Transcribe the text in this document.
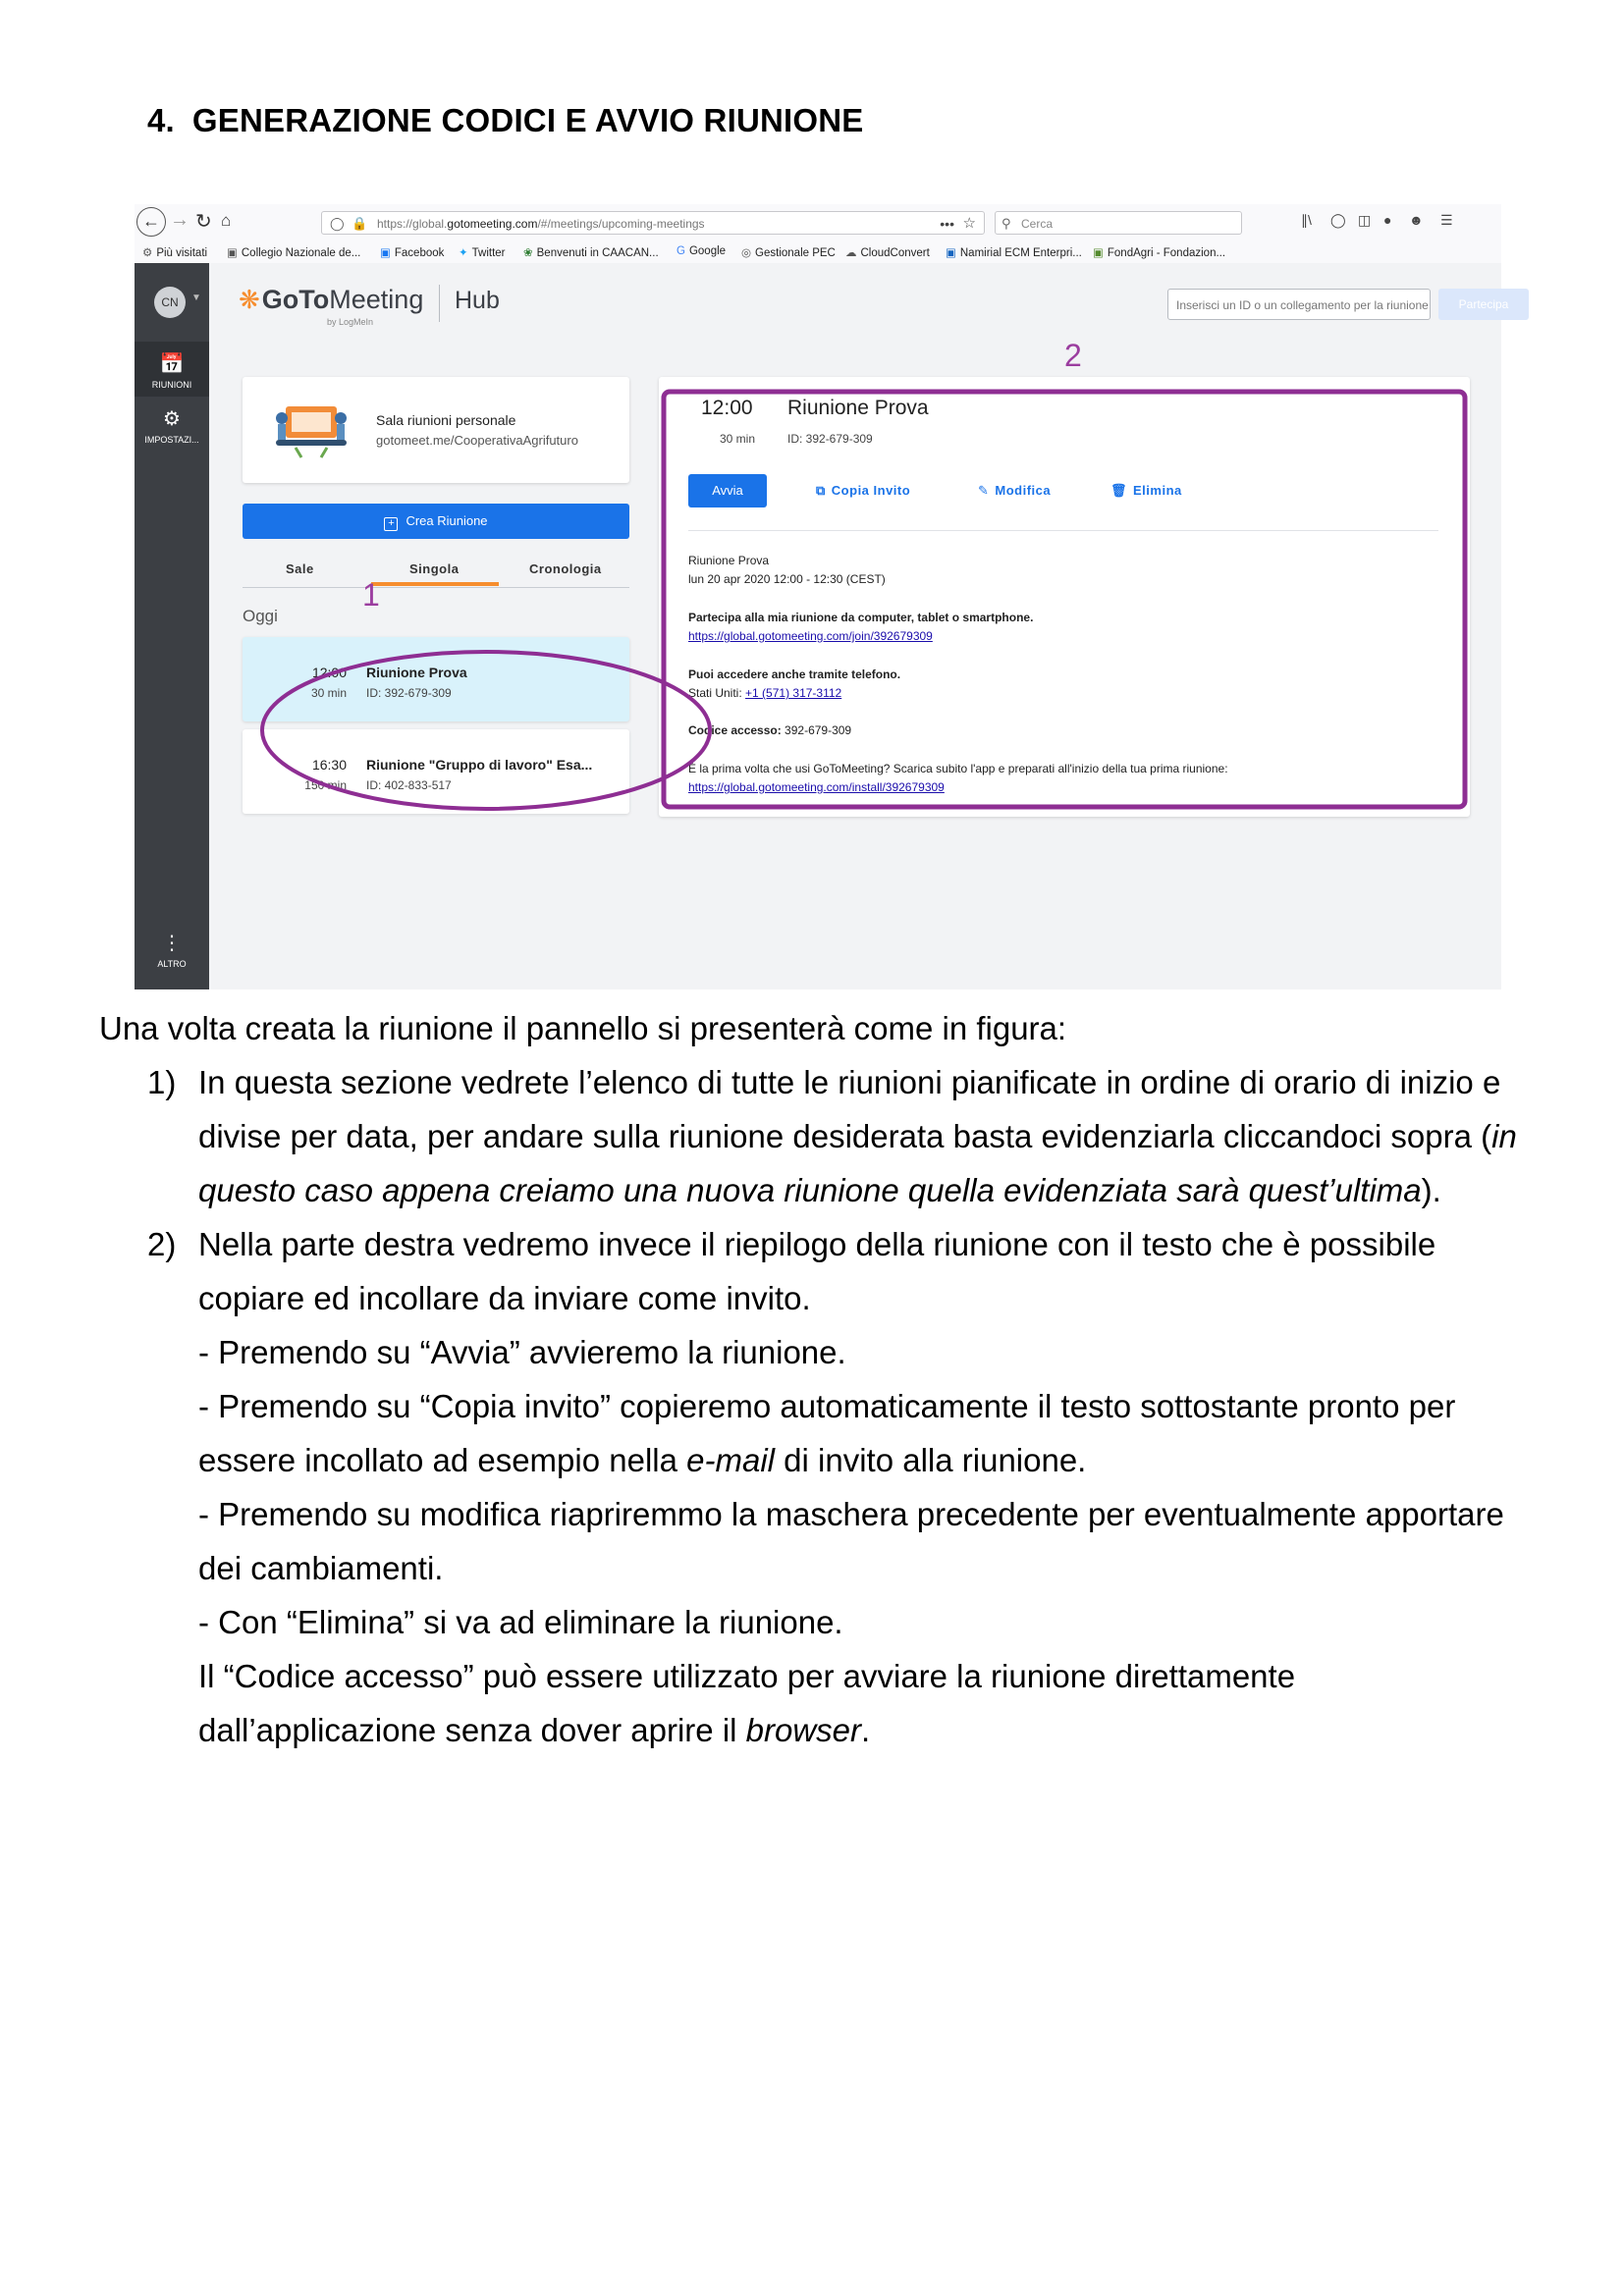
4. GENERAZIONE CODICI E AVVIO RIUNIONE
← → ↻ ⌂	◯ 🔒 https://global.gotomeeting.com/#/meetings/upcoming-meetings	••• ☆ ⚲ Cerca	∥\ ◯ ◫ ● ☻ ☰
⚙ Più visitati ▣ Collegio Nazionale de... ▣ Facebook ✦ Twitter ❀ Benvenuti in CAACAN... G Google ◎ Gestionale PEC ☁ CloudConvert ▣ Namirial ECM Enterpri... ▣ FondAgri - Fondazion...
CN	▼
📅
RIUNIONI
⚙
IMPOSTAZI...
⋮
ALTRO
❋GoToMeeting
by LogMeIn
Hub	Inserisci un ID o un collegamento per la riunione	Partecipa
Sala riunioni personale
gotomeet.me/CooperativaAgrifuturo
+ Crea Riunione
Sale	Singola	Cronologia
Oggi
12:00
30 min
Riunione Prova
ID: 392-679-309
16:30
150 min
Riunione "Gruppo di lavoro" Esa...
ID: 402-833-517
12:00
30 min
Riunione Prova
ID: 392-679-309
Avvia	⧉ Copia Invito	✎ Modifica	🗑 Elimina
Riunione Prova
lun 20 apr 2020 12:00 - 12:30 (CEST)
Partecipa alla mia riunione da computer, tablet o smartphone.
https://global.gotomeeting.com/join/392679309
Puoi accedere anche tramite telefono.
Stati Uniti: +1 (571) 317-3112
Codice accesso: 392-679-309
È la prima volta che usi GoToMeeting? Scarica subito l'app e preparati all'inizio della tua prima riunione:
https://global.gotomeeting.com/install/392679309
1
2
Una volta creata la riunione il pannello si presenterà come in figura:
1) In questa sezione vedrete l’elenco di tutte le riunioni pianificate in ordine di orario di inizio e divise per data, per andare sulla riunione desiderata basta evidenziarla cliccandoci sopra (in questo caso appena creiamo una nuova riunione quella evidenziata sarà quest’ultima).

2) Nella parte destra vedremo invece il riepilogo della riunione con il testo che è possibile copiare ed incollare da inviare come invito.

- Premendo su “Avvia” avvieremo la riunione.

- Premendo su “Copia invito” copieremo automaticamente il testo sottostante pronto per essere incollato ad esempio nella e-mail di invito alla riunione.

- Premendo su modifica riapriremmo la maschera precedente per eventualmente apportare dei cambiamenti.

- Con “Elimina” si va ad eliminare la riunione.

Il “Codice accesso” può essere utilizzato per avviare la riunione direttamente dall’applicazione senza dover aprire il browser.
